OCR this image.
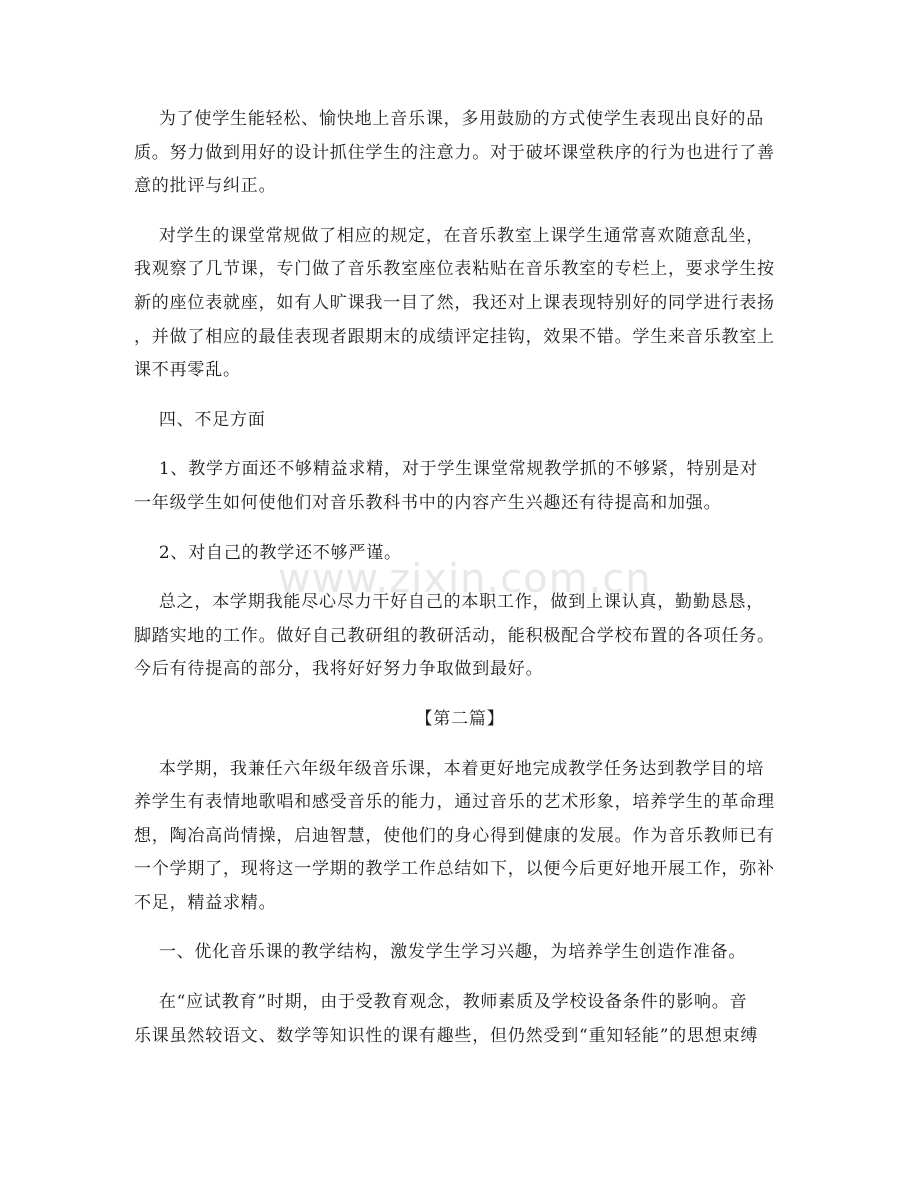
为了使学生能轻松、愉快地上音乐课，多用鼓励的方式使学生表现出良好的品
质。努力做到用好的设计抓住学生的注意力。对于破坏课堂秩序的行为也进行了善
意的批评与纠正。

对学生的课堂常规做了相应的规定，在音乐教室上课学生通常喜欢随意乱坐，
我观察了几节课，专门做了音乐教室座位表粘贴在音乐教室的专栏上，要求学生按
新的座位表就座，如有人旷课我一目了然，我还对上课表现特别好的同学进行表扬
，并做了相应的最佳表现者跟期末的成绩评定挂钩，效果不错。学生来音乐教室上
课不再零乱。

四、不足方面

1、教学方面还不够精益求精，对于学生课堂常规教学抓的不够紧，特别是对
一年级学生如何使他们对音乐教科书中的内容产生兴趣还有待提高和加强。

2、对自己的教学还不够严谨。

总之，本学期我能尽心尽力干好自己的本职工作，做到上课认真，勤勤恳恳，
脚踏实地的工作。做好自己教研组的教研活动，能积极配合学校布置的各项任务。
今后有待提高的部分，我将好好努力争取做到最好。

【第二篇】

本学期，我兼任六年级年级音乐课，本着更好地完成教学任务达到教学目的培
养学生有表情地歌唱和感受音乐的能力，通过音乐的艺术形象，培养学生的革命理
想，陶冶高尚情操，启迪智慧，使他们的身心得到健康的发展。作为音乐教师已有
一个学期了，现将这一学期的教学工作总结如下，以便今后更好地开展工作，弥补
不足，精益求精。

一、优化音乐课的教学结构，激发学生学习兴趣，为培养学生创造作准备。

在“应试教育”时期，由于受教育观念，教师素质及学校设备条件的影响。音
乐课虽然较语文、数学等知识性的课有趣些，但仍然受到“重知轻能”的思想束缚

www.zixin.com.cn
